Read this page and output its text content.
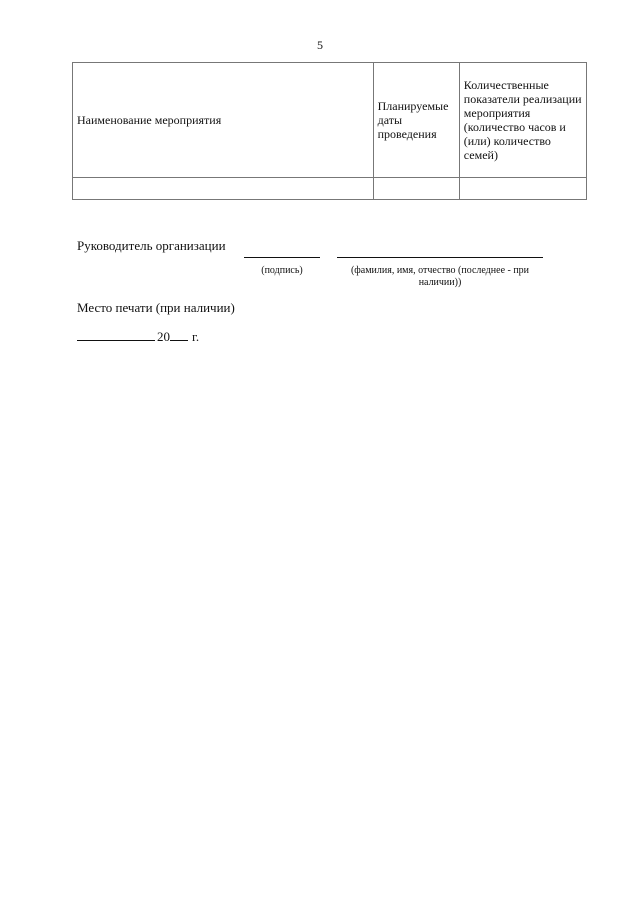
5
Наименование мероприятия	Планируемые даты проведения	Количественные показатели реализации мероприятия (количество часов и (или) количество семей)

Руководитель организации
(подпись)	(фамилия, имя, отчество (последнее - при наличии))
Место печати (при наличии)
20 г.
